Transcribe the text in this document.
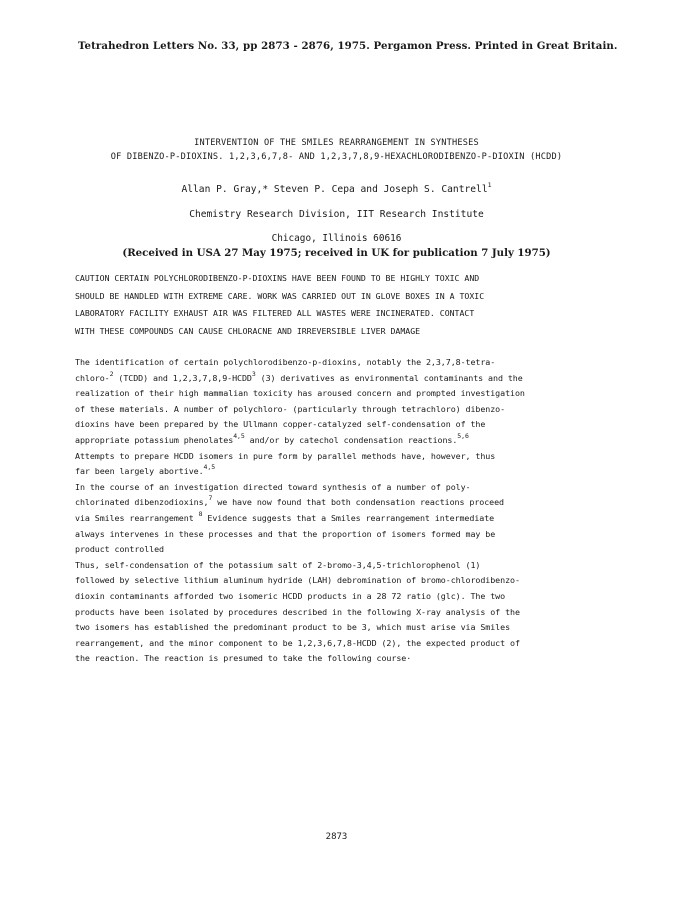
Tetrahedron Letters No. 33, pp 2873 - 2876, 1975. Pergamon Press. Printed in Great Britain.
INTERVENTION OF THE SMILES REARRANGEMENT IN SYNTHESES
OF DIBENZO-P-DIOXINS. 1,2,3,6,7,8- AND 1,2,3,7,8,9-HEXACHLORODIBENZO-P-DIOXIN (HCDD)
Allan P. Gray,* Steven P. Cepa and Joseph S. Cantrell$^1$
Chemistry Research Division, IIT Research Institute
Chicago, Illinois 60616
(Received in USA 27 May 1975; received in UK for publication 7 July 1975)
CAUTION CERTAIN POLYCHLORODIBENZO-P-DIOXINS HAVE BEEN FOUND TO BE HIGHLY TOXIC AND
SHOULD BE HANDLED WITH EXTREME CARE. WORK WAS CARRIED OUT IN GLOVE BOXES IN A TOXIC
LABORATORY FACILITY EXHAUST AIR WAS FILTERED ALL WASTES WERE INCINERATED. CONTACT
WITH THESE COMPOUNDS CAN CAUSE CHLORACNE AND IRREVERSIBLE LIVER DAMAGE
The identification of certain polychlorodibenzo-p-dioxins, notably the 2,3,7,8-tetra-
chloro-$^2$ (TCDD) and 1,2,3,7,8,9-HCDD$^3$ (3) derivatives as environmental contaminants and the
realization of their high mammalian toxicity has aroused concern and prompted investigation
of these materials. A number of polychloro- (particularly through tetrachloro) dibenzo-
dioxins have been prepared by the Ullmann copper-catalyzed self-condensation of the
appropriate potassium phenolates$^{4,5}$ and/or by catechol condensation reactions.$^{5,6}$
Attempts to prepare HCDD isomers in pure form by parallel methods have, however, thus
far been largely abortive.$^{4,5}$
In the course of an investigation directed toward synthesis of a number of poly-
chlorinated dibenzodioxins,$^7$ we have now found that both condensation reactions proceed
via Smiles rearrangement $^8$ Evidence suggests that a Smiles rearrangement intermediate
always intervenes in these processes and that the proportion of isomers formed may be
product controlled
Thus, self-condensation of the potassium salt of 2-bromo-3,4,5-trichlorophenol (1)
followed by selective lithium aluminum hydride (LAH) debromination of bromo-chlorodibenzo-
dioxin contaminants afforded two isomeric HCDD products in a 28 72 ratio (glc). The two
products have been isolated by procedures described in the following X-ray analysis of the
two isomers has established the predominant product to be 3, which must arise via Smiles
rearrangement, and the minor component to be 1,2,3,6,7,8-HCDD (2), the expected product of
the reaction. The reaction is presumed to take the following course·
2873
